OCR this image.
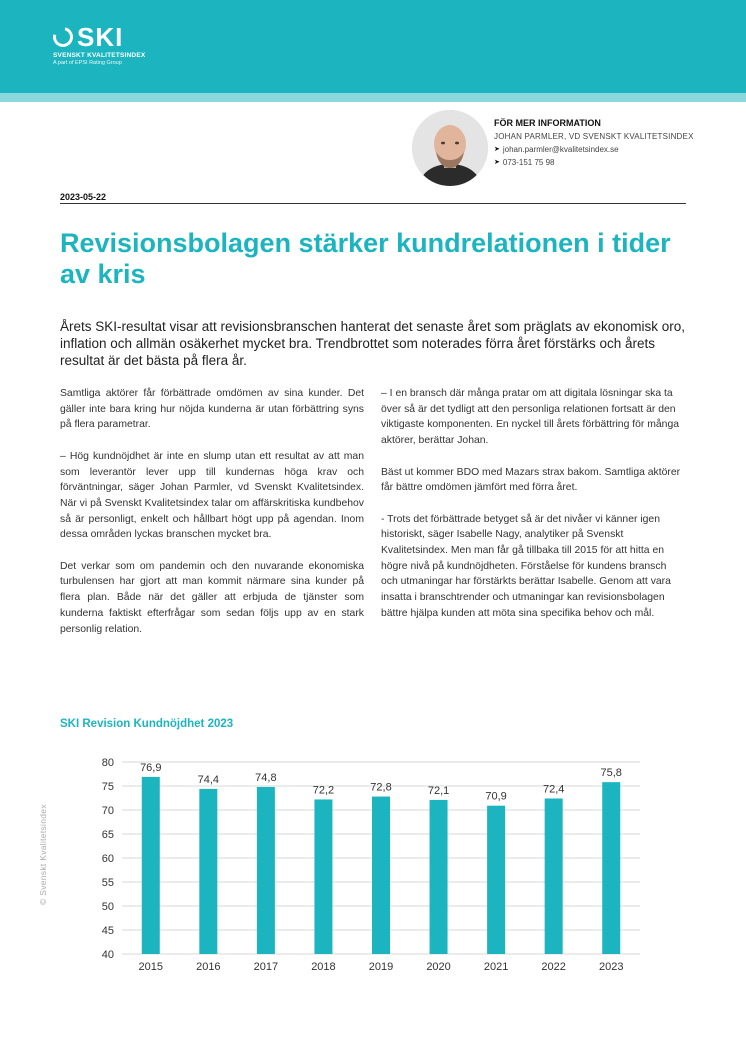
SKI
SVENSKT KVALITETSINDEX
A part of EPSI Rating Group
FÖR MER INFORMATION
JOHAN PARMLER, VD SVENSKT KVALITETSINDEX
➤ johan.parmler@kvalitetsindex.se
➤ 073-151 75 98
2023-05-22
Revisionsbolagen stärker kundrelationen i tider av kris

Årets SKI-resultat visar att revisionsbranschen hanterat det senaste året som präglats av ekonomisk oro, inflation och allmän osäkerhet mycket bra. Trendbrottet som noterades förra året förstärks och årets resultat är det bästa på flera år.

Samtliga aktörer får förbättrade omdömen av sina kunder. Det gäller inte bara kring hur nöjda kunderna är utan förbättring syns på flera parametrar.

– Hög kundnöjdhet är inte en slump utan ett resultat av att man som leverantör lever upp till kundernas höga krav och förväntningar, säger Johan Parmler, vd Svenskt Kvalitetsindex. När vi på Svenskt Kvalitetsindex talar om affärskritiska kundbehov så är personligt, enkelt och hållbart högt upp på agendan. Inom dessa områden lyckas branschen mycket bra.

Det verkar som om pandemin och den nuvarande ekonomiska turbulensen har gjort att man kommit närmare sina kunder på flera plan. Både när det gäller att erbjuda de tjänster som kunderna faktiskt efterfrågar som sedan följs upp av en stark personlig relation.

– I en bransch där många pratar om att digitala lösningar ska ta över så är det tydligt att den personliga relationen fortsatt är den viktigaste komponenten. En nyckel till årets förbättring för många aktörer, berättar Johan.

Bäst ut kommer BDO med Mazars strax bakom. Samtliga aktörer får bättre omdömen jämfört med förra året.

- Trots det förbättrade betyget så är det nivåer vi känner igen historiskt, säger Isabelle Nagy, analytiker på Svenskt Kvalitetsindex. Men man får gå tillbaka till 2015 för att hitta en högre nivå på kundnöjdheten. Förståelse för kundens bransch och utmaningar har förstärkts berättar Isabelle. Genom att vara insatta i branschtrender och utmaningar kan revisionsbolagen bättre hjälpa kunden att möta sina specifika behov och mål.

SKI Revision Kundnöjdhet 2023
© Svenskt Kvalitetsindex
40
45
50
55
60
65
70
75
80 76,9
2015
74,4
2016
74,8
2017
72,2
2018
72,8
2019
72,1
2020
70,9
2021
72,4
2022
75,8
2023
